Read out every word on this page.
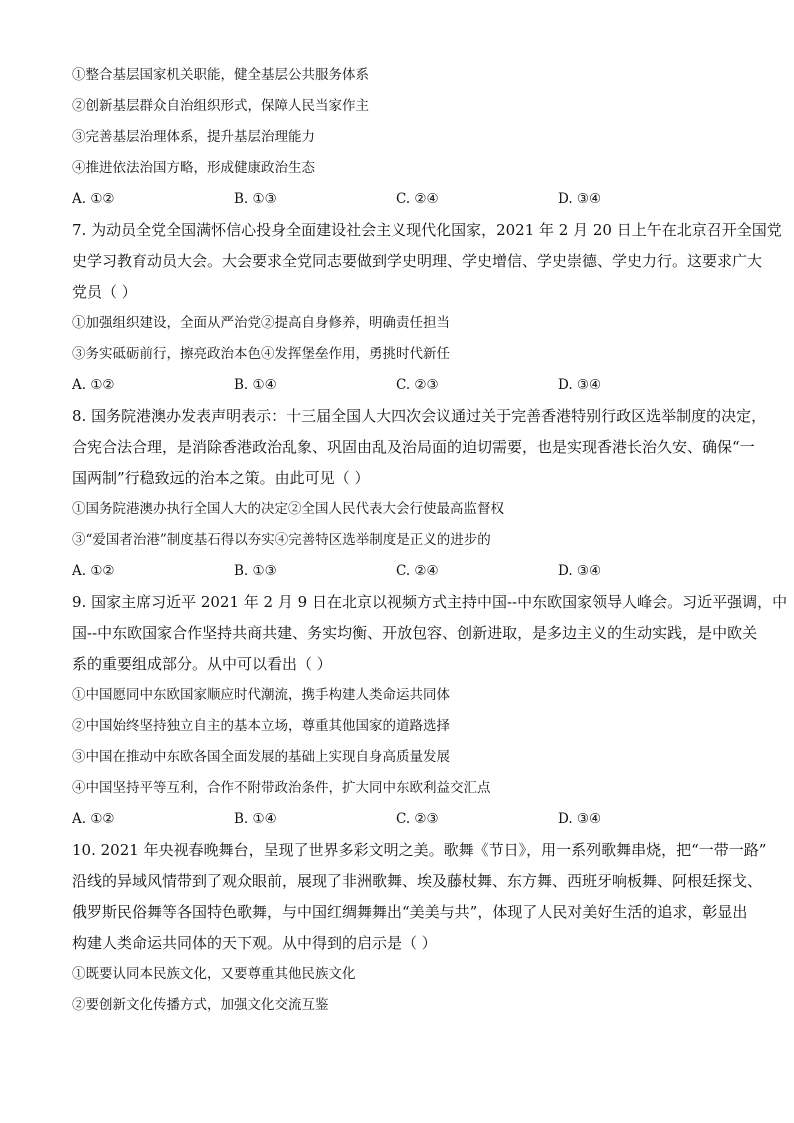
①整合基层国家机关职能，健全基层公共服务体系
②创新基层群众自治组织形式，保障人民当家作主
③完善基层治理体系，提升基层治理能力
④推进依法治国方略，形成健康政治生态
A. ①②	B. ①③	C. ②④	D. ③④
7. 为动员全党全国满怀信心投身全面建设社会主义现代化国家，2021 年 2 月 20 日上午在北京召开全国党
史学习教育动员大会。大会要求全党同志要做到学史明理、学史增信、学史崇德、学史力行。这要求广大
党员（ ）
①加强组织建设，全面从严治党②提高自身修养，明确责任担当
③务实砥砺前行，擦亮政治本色④发挥堡垒作用，勇挑时代新任
A. ①②	B. ①④	C. ②③	D. ③④
8. 国务院港澳办发表声明表示：十三届全国人大四次会议通过关于完善香港特别行政区选举制度的决定，
合宪合法合理，是消除香港政治乱象、巩固由乱及治局面的迫切需要，也是实现香港长治久安、确保“一
国两制”行稳致远的治本之策。由此可见（ ）
①国务院港澳办执行全国人大的决定②全国人民代表大会行使最高监督权
③“爱国者治港”制度基石得以夯实④完善特区选举制度是正义的进步的
A. ①②	B. ①③	C. ②④	D. ③④
9. 国家主席习近平 2021 年 2 月 9 日在北京以视频方式主持中国--中东欧国家领导人峰会。习近平强调，中
国--中东欧国家合作坚持共商共建、务实均衡、开放包容、创新进取，是多边主义的生动实践，是中欧关
系的重要组成部分。从中可以看出（ ）
①中国愿同中东欧国家顺应时代潮流，携手构建人类命运共同体
②中国始终坚持独立自主的基本立场，尊重其他国家的道路选择
③中国在推动中东欧各国全面发展的基础上实现自身高质量发展
④中国坚持平等互利，合作不附带政治条件，扩大同中东欧利益交汇点
A. ①②	B. ①④	C. ②③	D. ③④
10. 2021 年央视春晚舞台，呈现了世界多彩文明之美。歌舞《节日》，用一系列歌舞串烧，把“一带一路”
沿线的异域风情带到了观众眼前，展现了非洲歌舞、埃及藤杖舞、东方舞、西班牙响板舞、阿根廷探戈、
俄罗斯民俗舞等各国特色歌舞，与中国红绸舞舞出“美美与共”，体现了人民对美好生活的追求，彰显出
构建人类命运共同体的天下观。从中得到的启示是（ ）
①既要认同本民族文化，又要尊重其他民族文化
②要创新文化传播方式，加强文化交流互鉴
